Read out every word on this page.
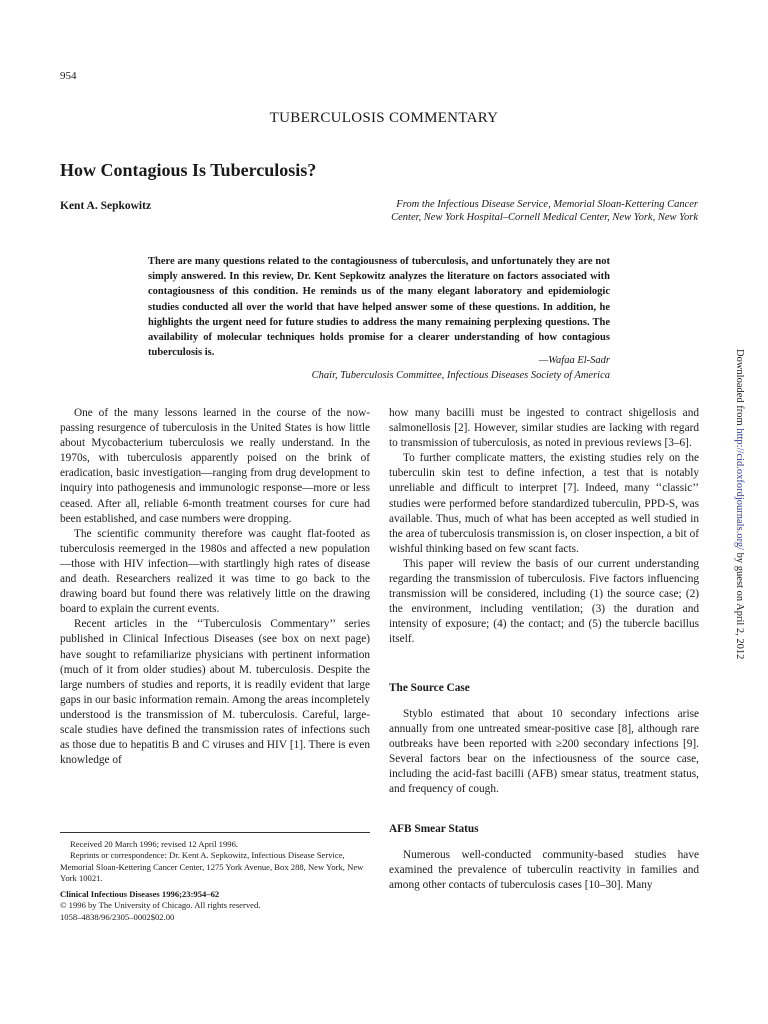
954
TUBERCULOSIS COMMENTARY
How Contagious Is Tuberculosis?
Kent A. Sepkowitz	From the Infectious Disease Service, Memorial Sloan-Kettering Cancer Center, New York Hospital–Cornell Medical Center, New York, New York
There are many questions related to the contagiousness of tuberculosis, and unfortunately they are not simply answered. In this review, Dr. Kent Sepkowitz analyzes the literature on factors associated with contagiousness of this condition. He reminds us of the many elegant laboratory and epidemiologic studies conducted all over the world that have helped answer some of these questions. In addition, he highlights the urgent need for future studies to address the many remaining perplexing questions. The availability of molecular techniques holds promise for a clearer understanding of how contagious tuberculosis is.
—Wafaa El-Sadr
Chair, Tuberculosis Committee, Infectious Diseases Society of America

One of the many lessons learned in the course of the now-passing resurgence of tuberculosis in the United States is how little about Mycobacterium tuberculosis we really understand. In the 1970s, with tuberculosis apparently poised on the brink of eradication, basic investigation—ranging from drug development to inquiry into pathogenesis and immunologic response—more or less ceased. After all, reliable 6-month treatment courses for cure had been established, and case numbers were dropping.

The scientific community therefore was caught flat-footed as tuberculosis reemerged in the 1980s and affected a new population—those with HIV infection—with startlingly high rates of disease and death. Researchers realized it was time to go back to the drawing board but found there was relatively little on the drawing board to explain the current events.

Recent articles in the ‘‘Tuberculosis Commentary’’ series published in Clinical Infectious Diseases (see box on next page) have sought to refamiliarize physicians with pertinent information (much of it from older studies) about M. tuberculosis. Despite the large numbers of studies and reports, it is readily evident that large gaps in our basic information remain. Among the areas incompletely understood is the transmission of M. tuberculosis. Careful, large-scale studies have defined the transmission rates of infections such as those due to hepatitis B and C viruses and HIV [1]. There is even knowledge of

how many bacilli must be ingested to contract shigellosis and salmonellosis [2]. However, similar studies are lacking with regard to transmission of tuberculosis, as noted in previous reviews [3–6].

To further complicate matters, the existing studies rely on the tuberculin skin test to define infection, a test that is notably unreliable and difficult to interpret [7]. Indeed, many ‘‘classic’’ studies were performed before standardized tuberculin, PPD-S, was available. Thus, much of what has been accepted as well studied in the area of tuberculosis transmission is, on closer inspection, a bit of wishful thinking based on few scant facts.

This paper will review the basis of our current understanding regarding the transmission of tuberculosis. Five factors influencing transmission will be considered, including (1) the source case; (2) the environment, including ventilation; (3) the duration and intensity of exposure; (4) the contact; and (5) the tubercle bacillus itself.

The Source Case

Styblo estimated that about 10 secondary infections arise annually from one untreated smear-positive case [8], although rare outbreaks have been reported with ≥200 secondary infections [9]. Several factors bear on the infectiousness of the source case, including the acid-fast bacilli (AFB) smear status, treatment status, and frequency of cough.

AFB Smear Status

Numerous well-conducted community-based studies have examined the prevalence of tuberculin reactivity in families and among other contacts of tuberculosis cases [10–30]. Many

Received 20 March 1996; revised 12 April 1996.

Reprints or correspondence: Dr. Kent A. Sepkowitz, Infectious Disease Service, Memorial Sloan-Kettering Cancer Center, 1275 York Avenue, Box 288, New York, New York 10021.

Clinical Infectious Diseases 1996;23:954–62

© 1996 by The University of Chicago. All rights reserved.

1058–4838/96/2305–0002$02.00

Downloaded from http://cid.oxfordjournals.org/ by guest on April 2, 2012
